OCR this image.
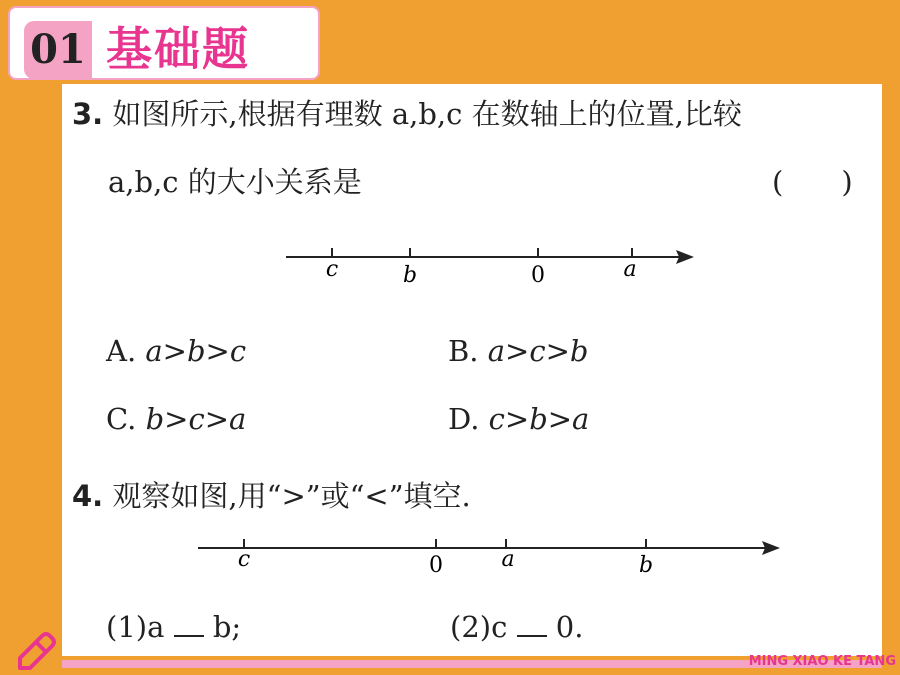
01 基础题
3. 如图所示,根据有理数 a,b,c 在数轴上的位置,比较
a,b,c 的大小关系是	(　　)
c	b	0	a
A. a>b>c	B. a>c>b
C. b>c>a	D. c>b>a
4. 观察如图,用“>”或“<”填空.
c	0	a	b
(1)a b;	(2)c 0.
MING XIAO KE TANG
